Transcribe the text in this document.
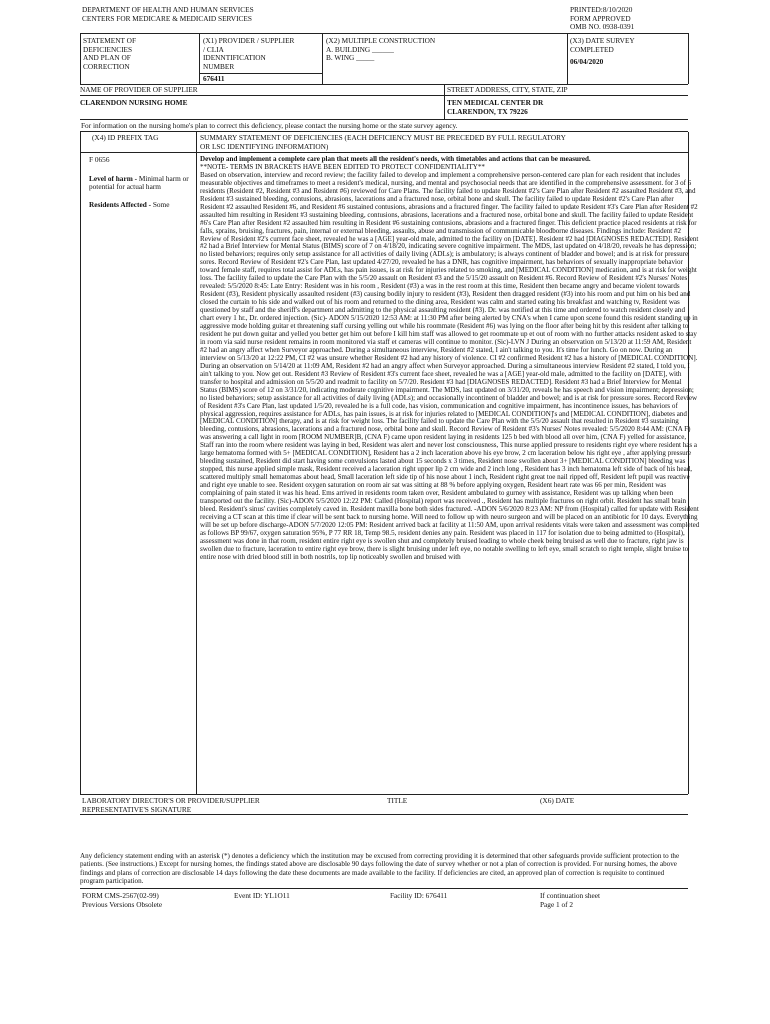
DEPARTMENT OF HEALTH AND HUMAN SERVICES
CENTERS FOR MEDICARE & MEDICAID SERVICES
PRINTED:8/10/2020
FORM APPROVED
OMB NO. 0938-0391
STATEMENT OF
DEFICIENCIES
AND PLAN OF
CORRECTION
(X1) PROVIDER / SUPPLIER
/ CLIA
IDENNTIFICATION
NUMBER
676411
(X2) MULTIPLE CONSTRUCTION
A. BUILDING ______
B. WING _____
(X3) DATE SURVEY
COMPLETED
06/04/2020
NAME OF PROVIDER OF SUPPLIER	STREET ADDRESS, CITY, STATE, ZIP
CLARENDON NURSING HOME	TEN MEDICAL CENTER DR
CLARENDON, TX 79226
For information on the nursing home's plan to correct this deficiency, please contact the nursing home or the state survey agency.
(X4) ID PREFIX TAG	SUMMARY STATEMENT OF DEFICIENCIES (EACH DEFICIENCY MUST BE PRECEDED BY FULL REGULATORY
OR LSC IDENTIFYING INFORMATION)
F 0656
Level of harm - Minimal harm or potential for actual harm
Residents Affected - Some
Develop and implement a complete care plan that meets all the resident's needs, with timetables and actions that can be measured.
**NOTE- TERMS IN BRACKETS HAVE BEEN EDITED TO PROTECT CONFIDENTIALITY**
Based on observation, interview and record review; the facility failed to develop and implement a comprehensive person-centered care plan for each resident that includes measurable objectives and timeframes to meet a resident's medical, nursing, and mental and psychosocial needs that are identified in the comprehensive assessment. for 3 of 6 residents (Resident #2, Resident #3 and Resident #6) reviewed for Care Plans. The facility failed to update Resident #2's Care Plan after Resident #2 assaulted Resident #3, and Resident #3 sustained bleeding, contusions, abrasions, lacerations and a fractured nose, orbital bone and skull. The facility failed to update Resident #2's Care Plan after Resident #2 assaulted Resident #6, and Resident #6 sustained contusions, abrasions and a fractured finger. The facility failed to update Resident #3's Care Plan after Resident #2 assaulted him resulting in Resident #3 sustaining bleeding, contusions, abrasions, lacerations and a fractured nose, orbital bone and skull. The facility failed to update Resident #6's Care Plan after Resident #2 assaulted him resulting in Resident #6 sustaining contusions, abrasions and a fractured finger. This deficient practice placed residents at risk for falls, sprains, bruising, fractures, pain, internal or external bleeding, assaults, abuse and transmission of communicable bloodborne diseases. Findings include: Resident #2 Review of Resident #2's current face sheet, revealed he was a [AGE] year-old male, admitted to the facility on [DATE]. Resident #2 had [DIAGNOSES REDACTED]. Resident #2 had a Brief Interview for Mental Status (BIMS) score of 7 on 4/18/20, indicating severe cognitive impairment. The MDS, last updated on 4/18/20, reveals he has depression; no listed behaviors; requires only setup assistance for all activities of daily living (ADLs); is ambulatory; is always continent of bladder and bowel; and is at risk for pressure sores. Record Review of Resident #2's Care Plan, last updated 4/27/20, revealed he has a DNR, has cognitive impairment, has behaviors of sexually inappropriate behavior toward female staff, requires total assist for ADLs, has pain issues, is at risk for injuries related to smoking, and [MEDICAL CONDITION] medication, and is at risk for weight loss. The facility failed to update the Care Plan with the 5/5/20 assault on Resident #3 and the 5/15/20 assault on Resident #6. Record Review of Resident #2's Nurses' Notes revealed: 5/5/2020 8:45: Late Entry: Resident was in his room , Resident (#3) a was in the rest room at this time, Resident then became angry and became violent towards Resident (#3), Resident physically assaulted resident (#3) causing bodily injury to resident (#3), Resident then dragged resident (#3) into his room and put him on his bed and closed the curtain to his side and walked out of his room and returned to the dining area, Resident was calm and started eating his breakfast and watching tv, Resident was questioned by staff and the sheriff's department and admitting to the physical assaulting resident (#3). Dr. was notified at this time and ordered to watch resident closely and chart every 1 hr., Dr. ordered injection. (Sic)- ADON 5/15/2020 12:53 AM: at 11:30 PM after being alerted by CNA's when I came upon scene found this resident standing up in aggressive mode holding guitar et threatening staff cursing yelling out while his roommate (Resident #6) was lying on the floor after being hit by this resident after talking to resident he put down guitar and yelled you better get him out before I kill him staff was allowed to get roommate up et out of room with no further attacks resident asked to stay in room via said nurse resident remains in room monitored via staff et cameras will continue to monitor. (Sic)-LVN J During an observation on 5/13/20 at 11:59 AM, Resident #2 had an angry affect when Surveyor approached. During a simultaneous interview, Resident #2 stated, I ain't talking to you. It's time for lunch. Go on now. During an interview on 5/13/20 at 12:22 PM, CI #2 was unsure whether Resident #2 had any history of violence. CI #2 confirmed Resident #2 has a history of [MEDICAL CONDITION]. During an observation on 5/14/20 at 11:09 AM, Resident #2 had an angry affect when Surveyor approached. During a simultaneous interview Resident #2 stated, I told you, I ain't talking to you. Now get out. Resident #3 Review of Resident #3's current face sheet, revealed he was a [AGE] year-old male, admitted to the facility on [DATE], with transfer to hospital and admission on 5/5/20 and readmit to facility on 5/7/20. Resident #3 had [DIAGNOSES REDACTED]. Resident #3 had a Brief Interview for Mental Status (BIMS) score of 12 on 3/31/20, indicating moderate cognitive impairment. The MDS, last updated on 3/31/20, reveals he has speech and vision impairment; depression; no listed behaviors; setup assistance for all activities of daily living (ADLs); and occasionally incontinent of bladder and bowel; and is at risk for pressure sores. Record Review of Resident #3's Care Plan, last updated 1/5/20, revealed he is a full code, has vision, communication and cognitive impairment, has incontinence issues, has behaviors of physical aggression, requires assistance for ADLs, has pain issues, is at risk for injuries related to [MEDICAL CONDITION]'s and [MEDICAL CONDITION], diabetes and [MEDICAL CONDITION] therapy, and is at risk for weight loss. The facility failed to update the Care Plan with the 5/5/20 assault that resulted in Resident #3 sustaining bleeding, contusions, abrasions, lacerations and a fractured nose, orbital bone and skull. Record Review of Resident #3's Nurses' Notes revealed: 5/5/2020 8:44 AM: (CNA F) was answering a call light in room [ROOM NUMBER]B, (CNA F) came upon resident laying in residents 125 b bed with blood all over him, (CNA F) yelled for assistance, Staff ran into the room where resident was laying in bed, Resident was alert and never lost consciousness, This nurse applied pressure to residents right eye where resident has a large hematoma formed with 5+ [MEDICAL CONDITION], Resident has a 2 inch laceration above his eye brow, 2 cm laceration below his right eye , after applying pressure bleeding sustained, Resident did start having some convulsions lasted about 15 seconds x 3 times, Resident nose swollen about 3+ [MEDICAL CONDITION] bleeding was stopped, this nurse applied simple mask, Resident received a laceration right upper lip 2 cm wide and 2 inch long , Resident has 3 inch hematoma left side of back of his head, scattered multiply small hematomas about head, Small laceration left side tip of his nose about 1 inch, Resident right great toe nail ripped off, Resident left pupil was reactive and right eye unable to see. Resident oxygen saturation on room air sat was sitting at 88 % before applying oxygen, Resident heart rate was 66 per min, Resident was complaining of pain stated it was his head. Ems arrived in residents room taken over, Resident ambulated to gurney with assistance, Resident was up talking when been transported out the facility. (Sic)-ADON 5/5/2020 12:22 PM: Called (Hospital) report was received ., Resident has multiple fractures on right orbit. Resident has small brain bleed. Resident's sinus' cavities completely caved in. Resident maxilla bone both sides fractured. -ADON 5/6/2020 8:23 AM: NP from (Hospital) called for update with Resident receiving a CT scan at this time if clear will be sent back to nursing home. Will need to follow up with neuro surgeon and will be placed on an antibiotic for 10 days. Everything will be set up before discharge-ADON 5/7/2020 12:05 PM: Resident arrived back at facility at 11:50 AM, upon arrival residents vitals were taken and assessment was completed as follows BP 99/67, oxygen saturation 95%, P 77 RR 18, Temp 98.5, resident denies any pain. Resident was placed in 117 for isolation due to being admitted to (Hospital), assessment was done in that room, resident entire right eye is swollen shut and completely bruised leading to whole cheek being bruised as well due to fracture, right jaw is swollen due to fracture, laceration to entire right eye brow, there is slight bruising under left eye, no notable swelling to left eye, small scratch to right temple, slight bruise to entire nose with dried blood still in both nostrils, top lip noticeably swollen and bruised with
LABORATORY DIRECTOR'S OR PROVIDER/SUPPLIER
REPRESENTATIVE'S SIGNATURE
TITLE	(X6) DATE
Any deficiency statement ending with an asterisk (*) denotes a deficiency which the institution may be excused from correcting providing it is determined that other safeguards provide sufficient protection to the patients. (See instructions.) Except for nursing homes, the findings stated above are disclosable 90 days following the date of survey whether or not a plan of correction is provided. For nursing homes, the above findings and plans of correction are disclosable 14 days following the date these documents are made available to the facility. If deficiencies are cited, an approved plan of correction is requisite to continued program participation.
FORM CMS-2567(02-99)
Previous Versions Obsolete
Event ID: YL1O11	Facility ID: 676411	If continuation sheet
Page 1 of 2
